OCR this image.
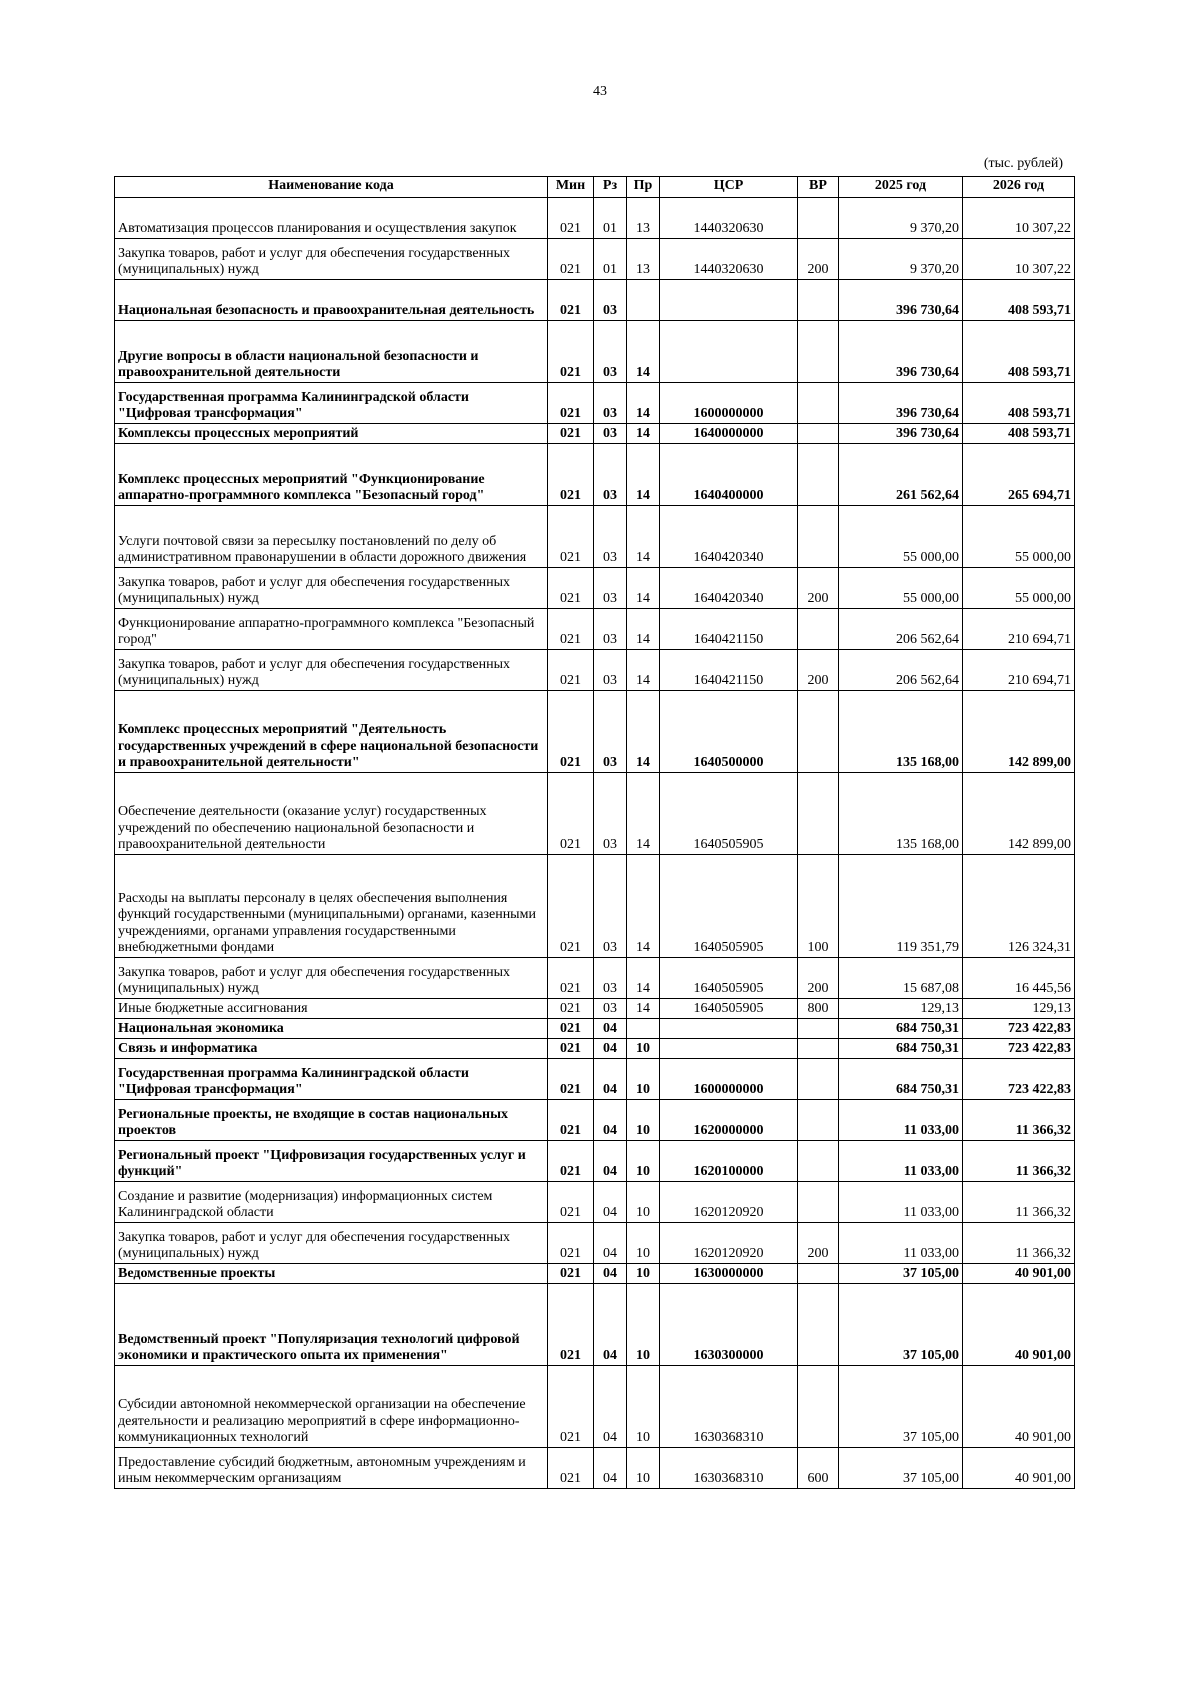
43
(тыс. рублей)
Наименование кода	Мин	Рз	Пр	ЦСР	ВР	2025 год	2026 год
Автоматизация процессов планирования и осуществления закупок	021	01	13	1440320630		9 370,20	10 307,22
Закупка товаров, работ и услуг для обеспечения государственных (муниципальных) нужд	021	01	13	1440320630	200	9 370,20	10 307,22
Национальная безопасность и правоохранительная деятельность	021	03				396 730,64	408 593,71
Другие вопросы в области национальной безопасности и правоохранительной деятельности	021	03	14			396 730,64	408 593,71
Государственная программа Калининградской области "Цифровая трансформация"	021	03	14	1600000000		396 730,64	408 593,71
Комплексы процессных мероприятий	021	03	14	1640000000		396 730,64	408 593,71
Комплекс процессных мероприятий "Функционирование аппаратно-программного комплекса "Безопасный город"	021	03	14	1640400000		261 562,64	265 694,71
Услуги почтовой связи за пересылку постановлений по делу об административном правонарушении в области дорожного движения	021	03	14	1640420340		55 000,00	55 000,00
Закупка товаров, работ и услуг для обеспечения государственных (муниципальных) нужд	021	03	14	1640420340	200	55 000,00	55 000,00
Функционирование аппаратно-программного комплекса "Безопасный город"	021	03	14	1640421150		206 562,64	210 694,71
Закупка товаров, работ и услуг для обеспечения государственных (муниципальных) нужд	021	03	14	1640421150	200	206 562,64	210 694,71
Комплекс процессных мероприятий "Деятельность государственных учреждений в сфере национальной безопасности и правоохранительной деятельности"	021	03	14	1640500000		135 168,00	142 899,00
Обеспечение деятельности (оказание услуг) государственных учреждений по обеспечению национальной безопасности и правоохранительной деятельности	021	03	14	1640505905		135 168,00	142 899,00
Расходы на выплаты персоналу в целях обеспечения выполнения функций государственными (муниципальными) органами, казенными учреждениями, органами управления государственными внебюджетными фондами	021	03	14	1640505905	100	119 351,79	126 324,31
Закупка товаров, работ и услуг для обеспечения государственных (муниципальных) нужд	021	03	14	1640505905	200	15 687,08	16 445,56
Иные бюджетные ассигнования	021	03	14	1640505905	800	129,13	129,13
Национальная экономика	021	04				684 750,31	723 422,83
Связь и информатика	021	04	10			684 750,31	723 422,83
Государственная программа Калининградской области "Цифровая трансформация"	021	04	10	1600000000		684 750,31	723 422,83
Региональные проекты, не входящие в состав национальных проектов	021	04	10	1620000000		11 033,00	11 366,32
Региональный проект "Цифровизация государственных услуг и функций"	021	04	10	1620100000		11 033,00	11 366,32
Создание и развитие (модернизация) информационных систем Калининградской области	021	04	10	1620120920		11 033,00	11 366,32
Закупка товаров, работ и услуг для обеспечения государственных (муниципальных) нужд	021	04	10	1620120920	200	11 033,00	11 366,32
Ведомственные проекты	021	04	10	1630000000		37 105,00	40 901,00
Ведомственный проект "Популяризация технологий цифровой экономики и практического опыта их применения"	021	04	10	1630300000		37 105,00	40 901,00
Субсидии автономной некоммерческой организации на обеспечение деятельности и реализацию мероприятий в сфере информационно-коммуникационных технологий	021	04	10	1630368310		37 105,00	40 901,00
Предоставление субсидий бюджетным, автономным учреждениям и иным некоммерческим организациям	021	04	10	1630368310	600	37 105,00	40 901,00
